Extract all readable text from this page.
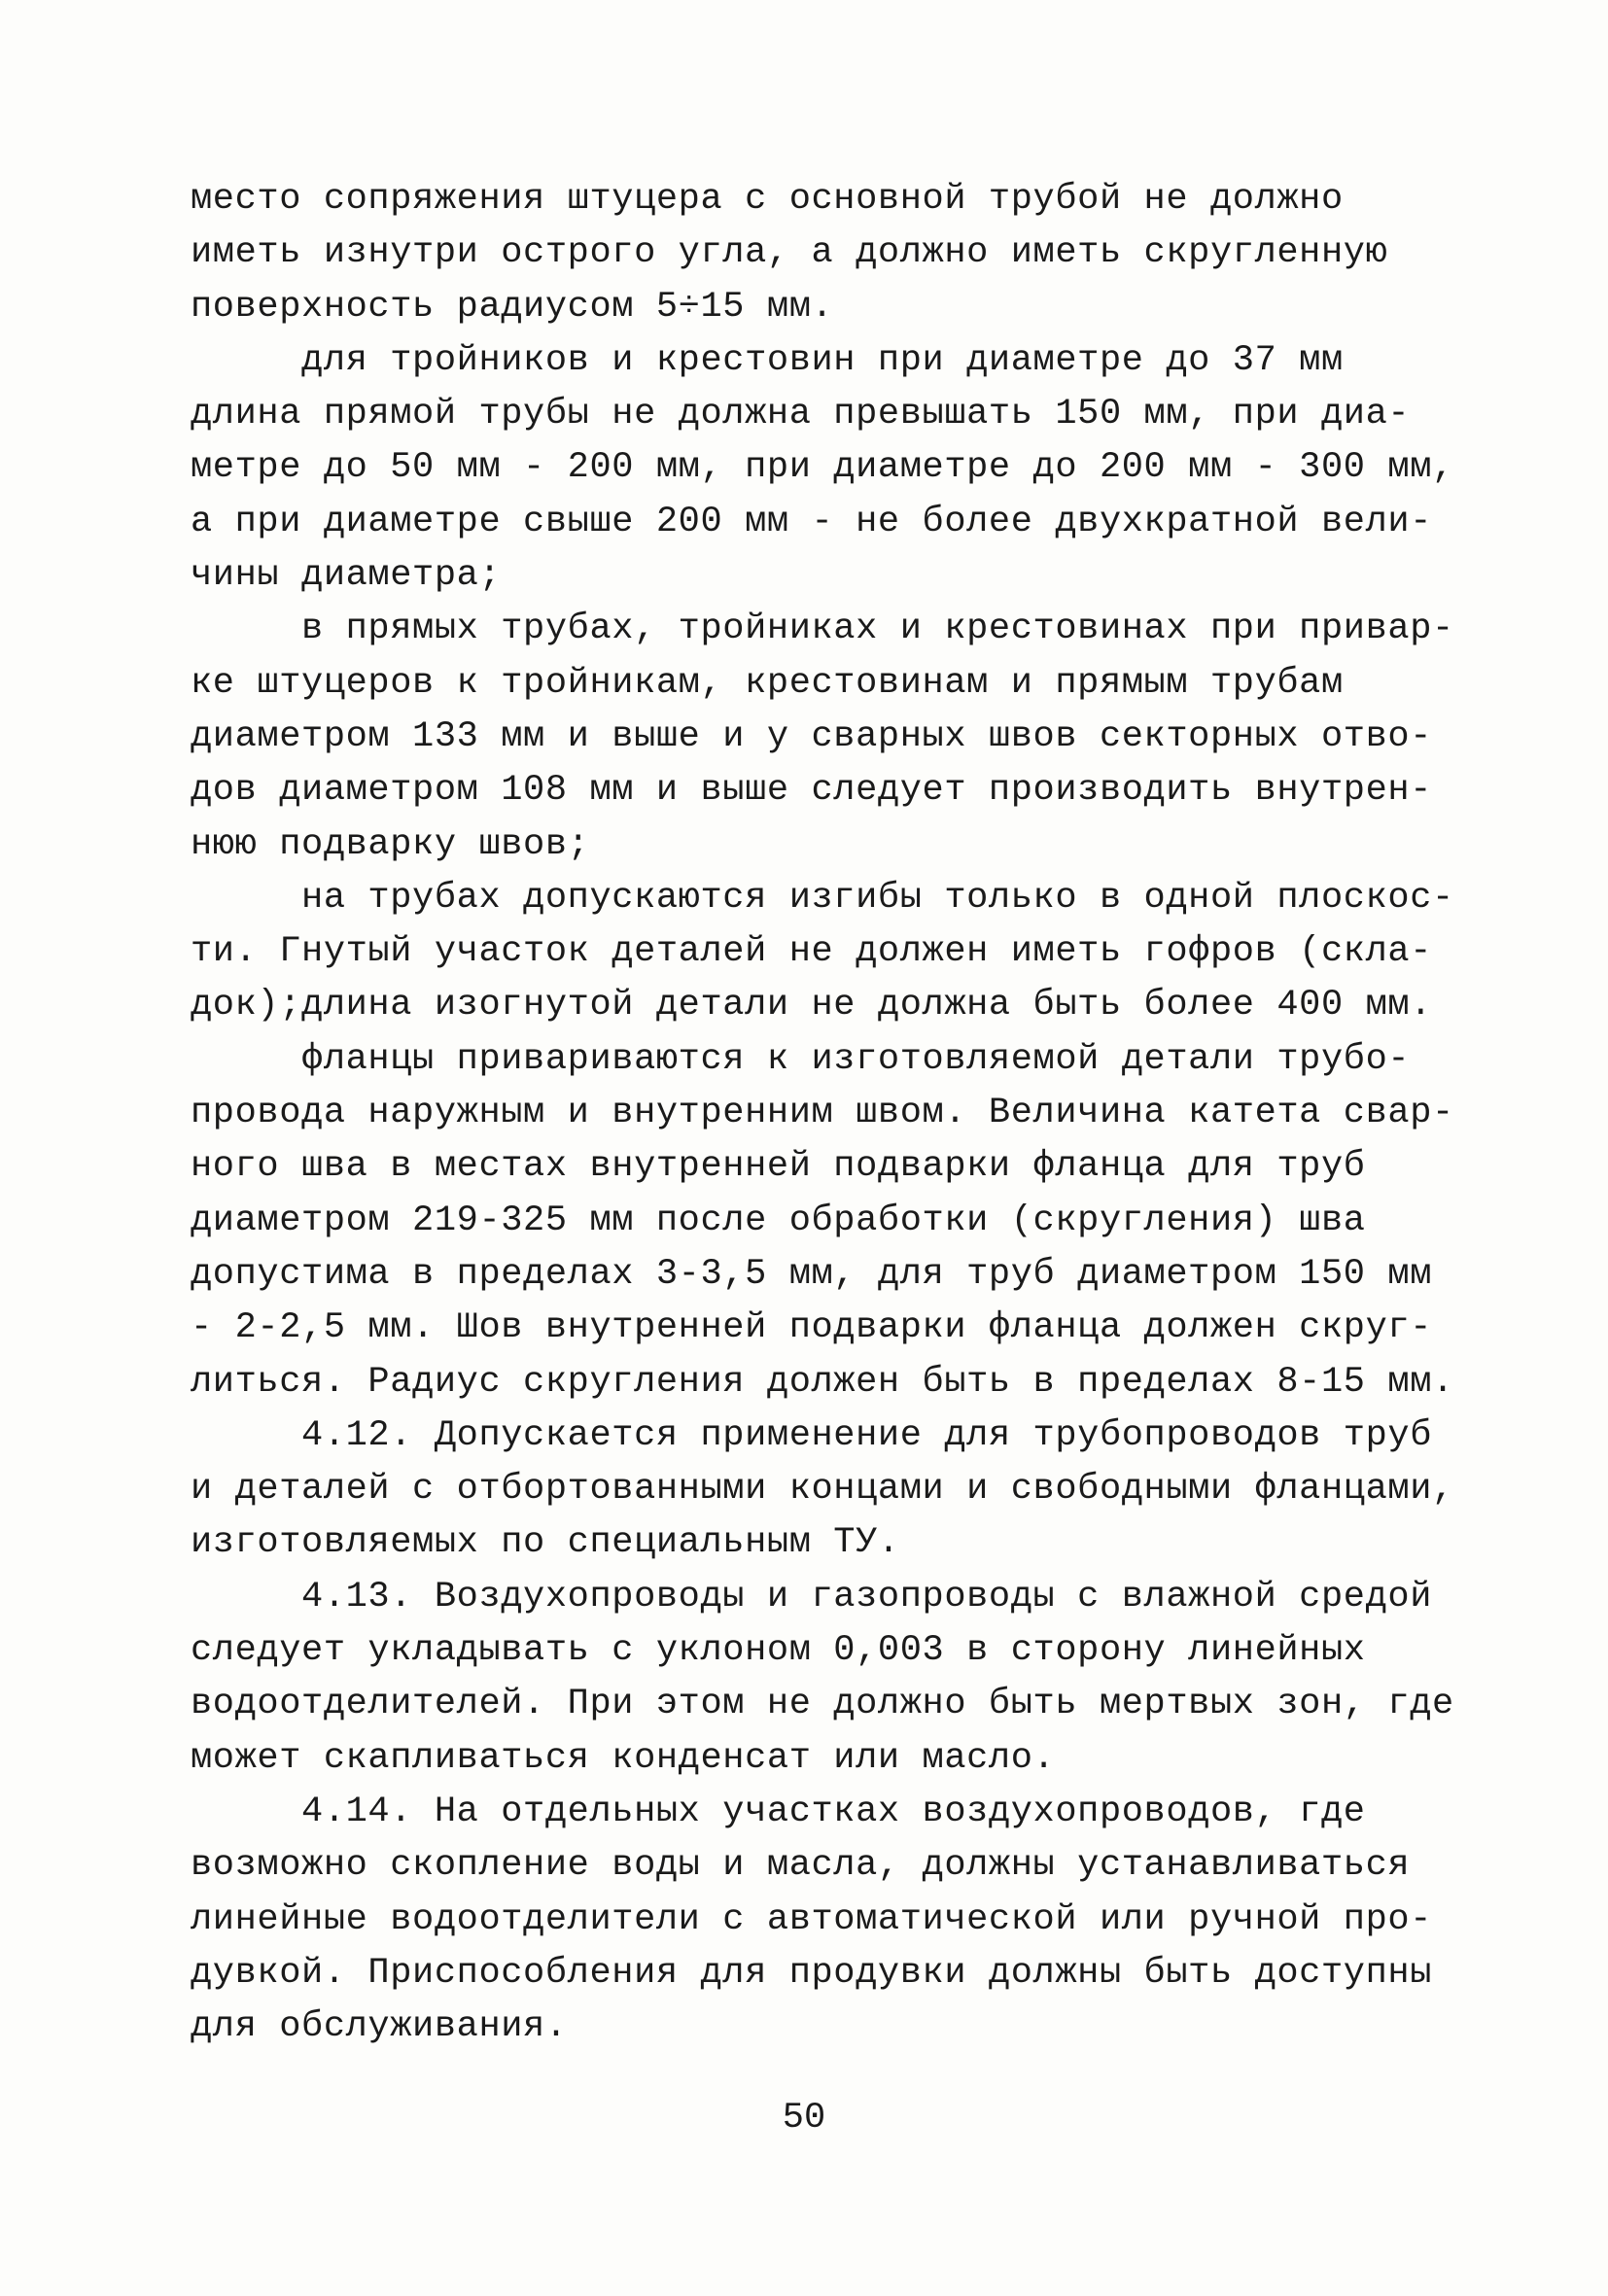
место сопряжения штуцера с основной трубой не должно
иметь изнутри острого угла, а должно иметь скругленную
поверхность радиусом 5÷15 мм.
для тройников и крестовин при диаметре до 37 мм
длина прямой трубы не должна превышать 150 мм, при диа-
метре до 50 мм - 200 мм, при диаметре до 200 мм - 300 мм,
а при диаметре свыше 200 мм - не более двухкратной вели-
чины диаметра;
в прямых трубах, тройниках и крестовинах при привар-
ке штуцеров к тройникам, крестовинам и прямым трубам
диаметром 133 мм и выше и у сварных швов секторных отво-
дов диаметром 108 мм и выше следует производить внутрен-
нюю подварку швов;
на трубах допускаются изгибы только в одной плоскос-
ти. Гнутый участок деталей не должен иметь гофров (скла-
док);длина изогнутой детали не должна быть более 400 мм.
фланцы привариваются к изготовляемой детали трубо-
провода наружным и внутренним швом. Величина катета свар-
ного шва в местах внутренней подварки фланца для труб
диаметром 219-325 мм после обработки (скругления) шва
допустима в пределах 3-3,5 мм, для труб диаметром 150 мм
- 2-2,5 мм. Шов внутренней подварки фланца должен скруг-
литься. Радиус скругления должен быть в пределах 8-15 мм.
4.12. Допускается применение для трубопроводов труб
и деталей с отбортованными концами и свободными фланцами,
изготовляемых по специальным ТУ.
4.13. Воздухопроводы и газопроводы с влажной средой
следует укладывать с уклоном 0,003 в сторону линейных
водоотделителей. При этом не должно быть мертвых зон, где
может скапливаться конденсат или масло.
4.14. На отдельных участках воздухопроводов, где
возможно скопление воды и масла, должны устанавливаться
линейные водоотделители с автоматической или ручной про-
дувкой. Приспособления для продувки должны быть доступны
для обслуживания.
50
